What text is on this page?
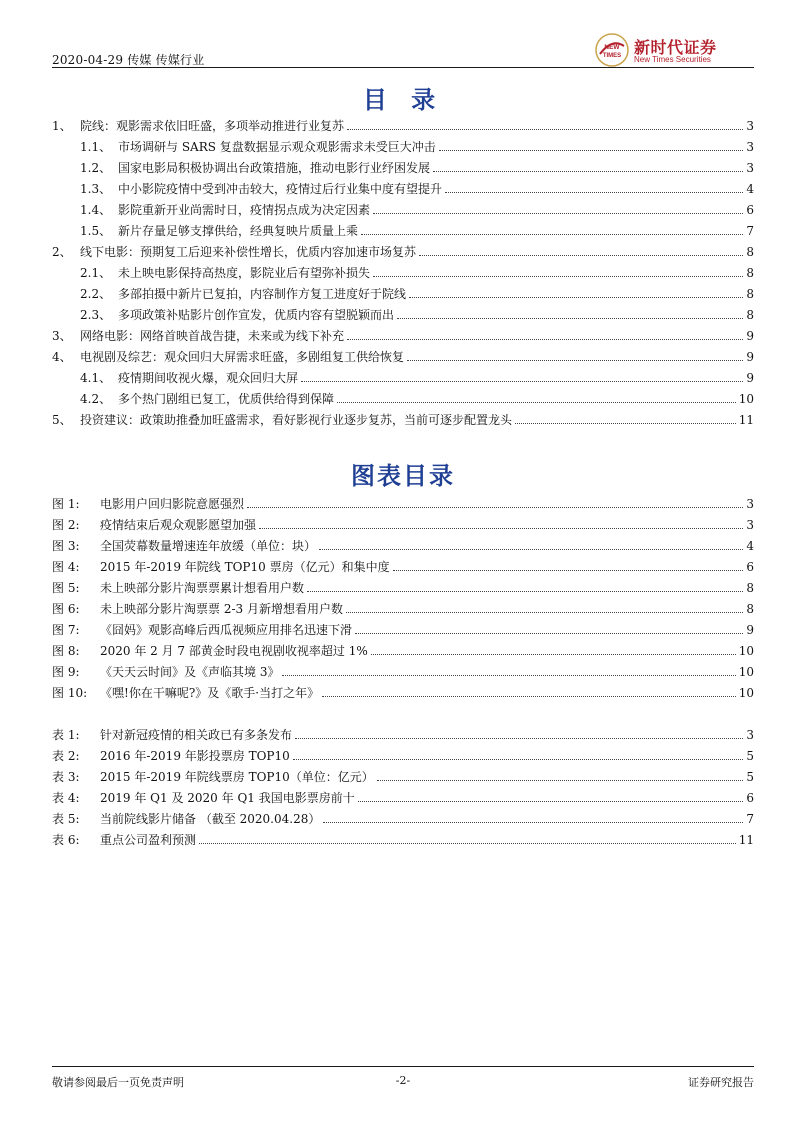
2020-04-29 传媒 传媒行业
NEW
TIMES 新时代证券
New Times Securities
目 录
1、 院线：观影需求依旧旺盛，多项举动推进行业复苏	3
1.1、 市场调研与 SARS 复盘数据显示观众观影需求未受巨大冲击	3
1.2、 国家电影局积极协调出台政策措施，推动电影行业纾困发展	3
1.3、 中小影院疫情中受到冲击较大，疫情过后行业集中度有望提升	4
1.4、 影院重新开业尚需时日，疫情拐点成为决定因素	6
1.5、 新片存量足够支撑供给，经典复映片质量上乘	7
2、 线下电影：预期复工后迎来补偿性增长，优质内容加速市场复苏	8
2.1、 未上映电影保持高热度，影院业后有望弥补损失	8
2.2、 多部拍摄中新片已复拍，内容制作方复工进度好于院线	8
2.3、 多项政策补贴影片创作宣发，优质内容有望脱颖而出	8
3、 网络电影：网络首映首战告捷，未来或为线下补充	9
4、 电视剧及综艺：观众回归大屏需求旺盛，多剧组复工供给恢复	9
4.1、 疫情期间收视火爆，观众回归大屏	9
4.2、 多个热门剧组已复工，优质供给得到保障	10
5、 投资建议：政策助推叠加旺盛需求，看好影视行业逐步复苏，当前可逐步配置龙头	11
图表目录
图 1:	电影用户回归影院意愿强烈	3
图 2:	疫情结束后观众观影愿望加强	3
图 3:	全国荧幕数量增速连年放缓（单位：块）	4
图 4:	2015 年-2019 年院线 TOP10 票房（亿元）和集中度	6
图 5:	未上映部分影片淘票票累计想看用户数	8
图 6:	未上映部分影片淘票票 2-3 月新增想看用户数	8
图 7:	《囧妈》观影高峰后西瓜视频应用排名迅速下滑	9
图 8:	2020 年 2 月 7 部黄金时段电视剧收视率超过 1%	10
图 9:	《天天云时间》及《声临其境 3》	10
图 10:	《嘿!你在干嘛呢?》及《歌手·当打之年》	10
表 1:	针对新冠疫情的相关政已有多条发布	3
表 2:	2016 年-2019 年影投票房 TOP10	5
表 3:	2015 年-2019 年院线票房 TOP10（单位：亿元）	5
表 4:	2019 年 Q1 及 2020 年 Q1 我国电影票房前十	6
表 5:	当前院线影片储备 （截至 2020.04.28）	7
表 6:	重点公司盈利预测	11
敬请参阅最后一页免责声明	-2-	证券研究报告
